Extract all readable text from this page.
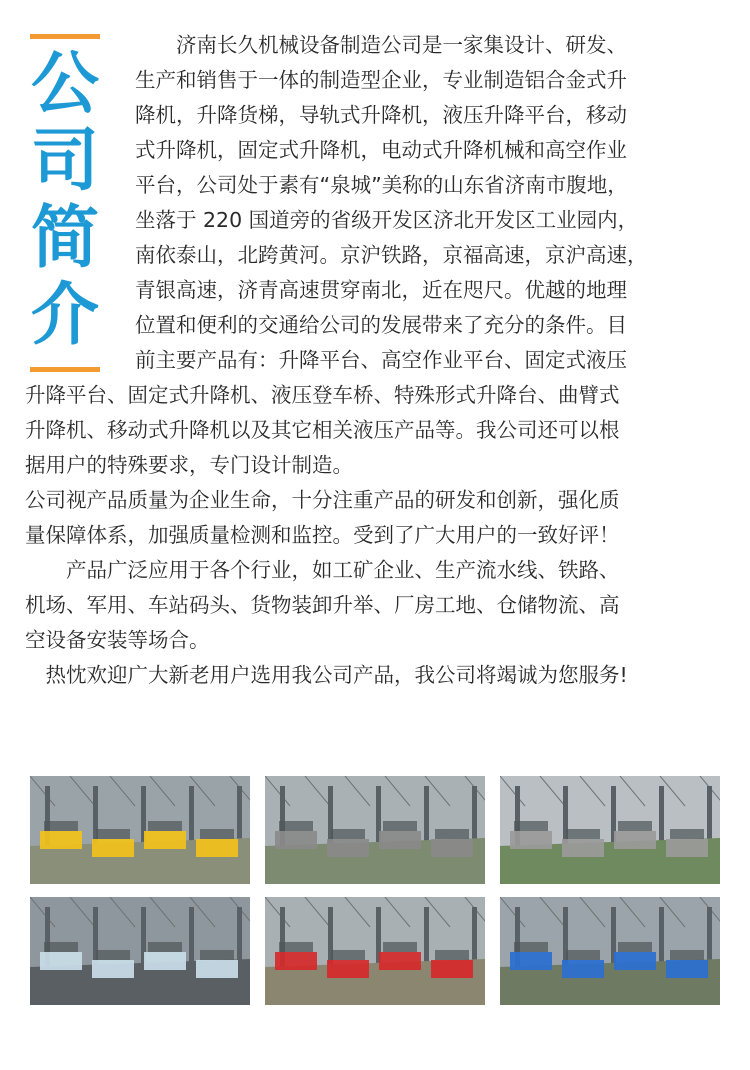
公
司
简
介

　　济南长久机械设备制造公司是一家集设计、研发、
生产和销售于一体的制造型企业，专业制造铝合金式升
降机，升降货梯，导轨式升降机，液压升降平台，移动
式升降机，固定式升降机，电动式升降机械和高空作业
平台，公司处于素有“泉城”美称的山东省济南市腹地，
坐落于 220 国道旁的省级开发区济北开发区工业园内，
南依泰山，北跨黄河。京沪铁路，京福高速，京沪高速，
青银高速，济青高速贯穿南北，近在咫尺。优越的地理
位置和便利的交通给公司的发展带来了充分的条件。目
前主要产品有：升降平台、高空作业平台、固定式液压
升降平台、固定式升降机、液压登车桥、特殊形式升降台、曲臂式
升降机、移动式升降机以及其它相关液压产品等。我公司还可以根
据用户的特殊要求，专门设计制造。

公司视产品质量为企业生命，十分注重产品的研发和创新，强化质
量保障体系，加强质量检测和监控。受到了广大用户的一致好评！

　　产品广泛应用于各个行业，如工矿企业、生产流水线、铁路、
机场、军用、车站码头、货物装卸升举、厂房工地、仓储物流、高
空设备安装等场合。

　热忱欢迎广大新老用户选用我公司产品，我公司将竭诚为您服务!
